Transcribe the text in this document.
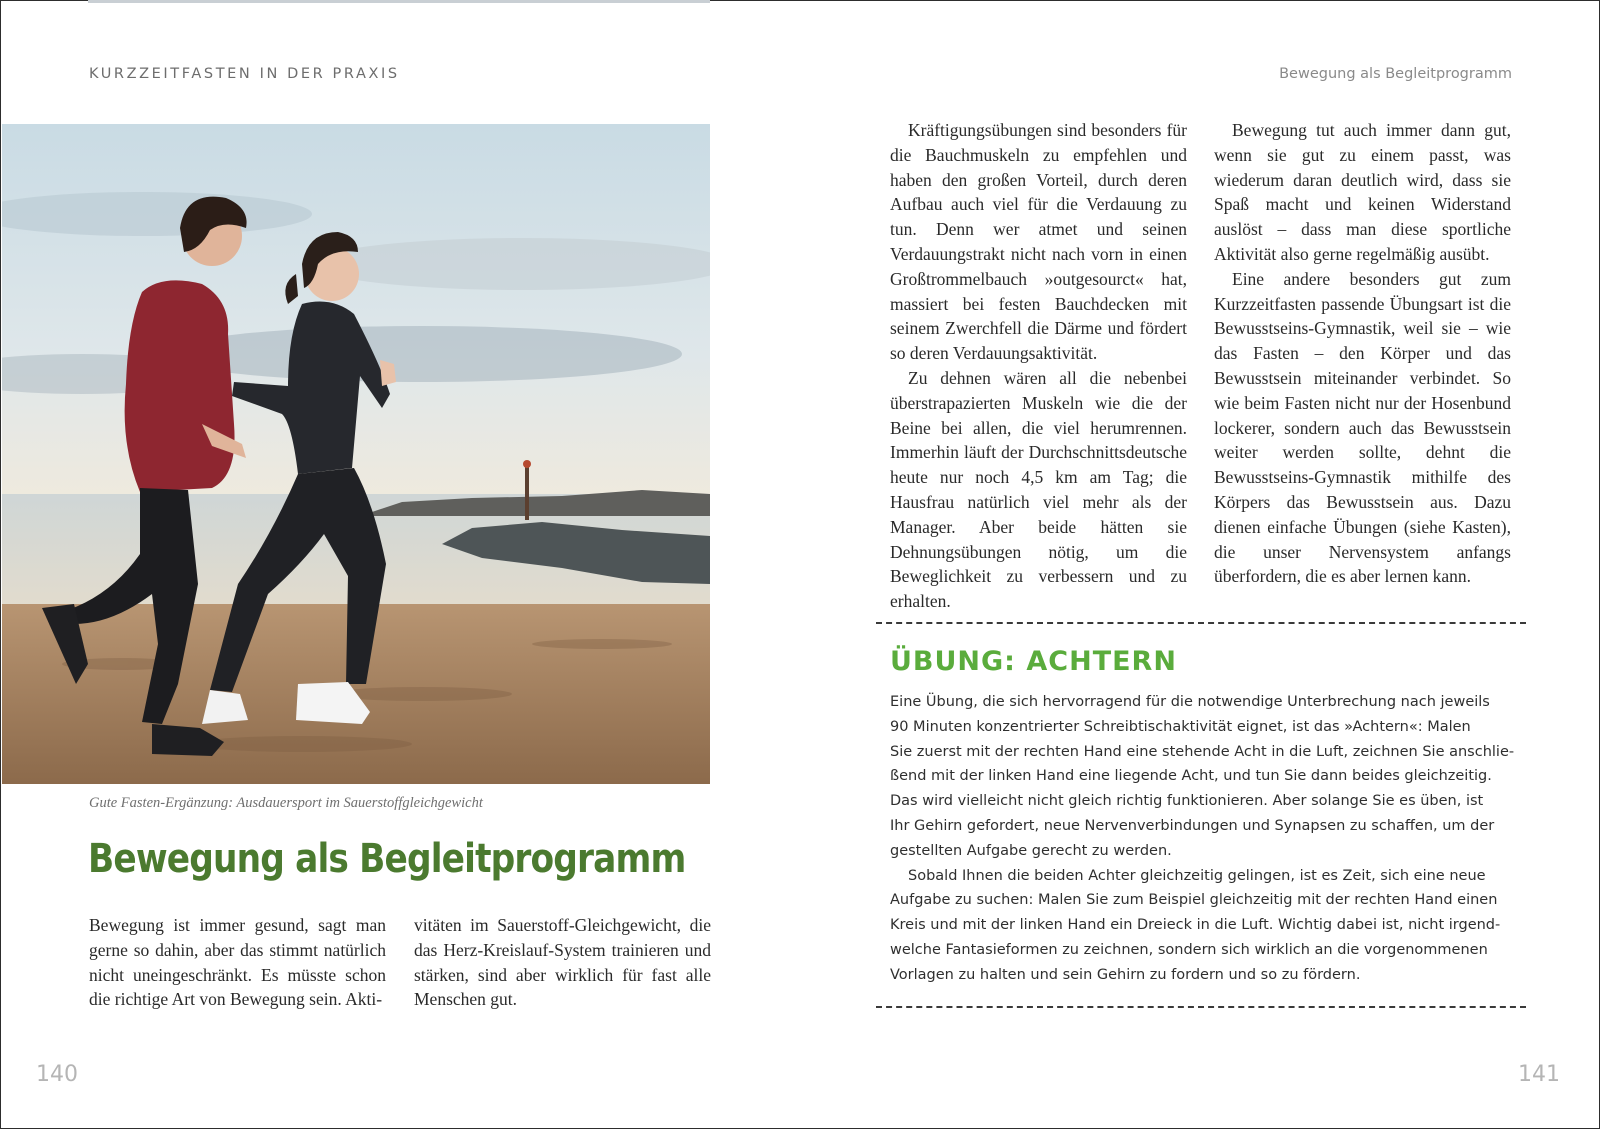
KURZZEITFASTEN IN DER PRAXIS
Gute Fasten-Ergänzung: Ausdauersport im Sauerstoffgleichgewicht
Bewegung als Begleitprogramm

Bewegung ist immer gesund, sagt man gerne so dahin, aber das stimmt natürlich nicht uneingeschränkt. Es müsste schon die richtige Art von Bewegung sein. Akti-

vitäten im Sauerstoff-Gleichgewicht, die das Herz-Kreislauf-System trainieren und stärken, sind aber wirklich für fast alle Menschen gut.

140
Bewegung als Begleitprogramm

Kräftigungsübungen sind besonders für die Bauchmuskeln zu empfehlen und haben den großen Vorteil, durch deren Aufbau auch viel für die Verdauung zu tun. Denn wer atmet und seinen Verdauungstrakt nicht nach vorn in einen Großtrommelbauch »outgesourct« hat, massiert bei festen Bauchdecken mit seinem Zwerchfell die Därme und fördert so deren Verdauungsaktivität.

Zu dehnen wären all die nebenbei überstrapazierten Muskeln wie die der Beine bei allen, die viel herumrennen. Immerhin läuft der Durchschnittsdeutsche heute nur noch 4,5 km am Tag; die Hausfrau natürlich viel mehr als der Manager. Aber beide hätten sie Dehnungsübungen nötig, um die Beweglichkeit zu verbessern und zu erhalten.

Bewegung tut auch immer dann gut, wenn sie gut zu einem passt, was wiederum daran deutlich wird, dass sie Spaß macht und keinen Widerstand auslöst – dass man diese sportliche Aktivität also gerne regelmäßig ausübt.

Eine andere besonders gut zum Kurzzeitfasten passende Übungsart ist die Bewusstseins-Gymnastik, weil sie – wie das Fasten – den Körper und das Bewusstsein miteinander verbindet. So wie beim Fasten nicht nur der Hosenbund lockerer, sondern auch das Bewusstsein weiter werden sollte, dehnt die Bewusstseins-Gymnastik mithilfe des Körpers das Bewusstsein aus. Dazu dienen einfache Übungen (siehe Kasten), die unser Nervensystem anfangs überfordern, die es aber lernen kann.

ÜBUNG: ACHTERN
Eine Übung, die sich hervorragend für die notwendige Unterbrechung nach jeweils
90 Minuten konzentrierter Schreibtischaktivität eignet, ist das »Achtern«: Malen
Sie zuerst mit der rechten Hand eine stehende Acht in die Luft, zeichnen Sie anschlie-
ßend mit der linken Hand eine liegende Acht, und tun Sie dann beides gleichzeitig.
Das wird vielleicht nicht gleich richtig funktionieren. Aber solange Sie es üben, ist
Ihr Gehirn gefordert, neue Nervenverbindungen und Synapsen zu schaffen, um der
gestellten Aufgabe gerecht zu werden.
Sobald Ihnen die beiden Achter gleichzeitig gelingen, ist es Zeit, sich eine neue
Aufgabe zu suchen: Malen Sie zum Beispiel gleichzeitig mit der rechten Hand einen
Kreis und mit der linken Hand ein Dreieck in die Luft. Wichtig dabei ist, nicht irgend-
welche Fantasieformen zu zeichnen, sondern sich wirklich an die vorgenommenen
Vorlagen zu halten und sein Gehirn zu fordern und so zu fördern.
141
